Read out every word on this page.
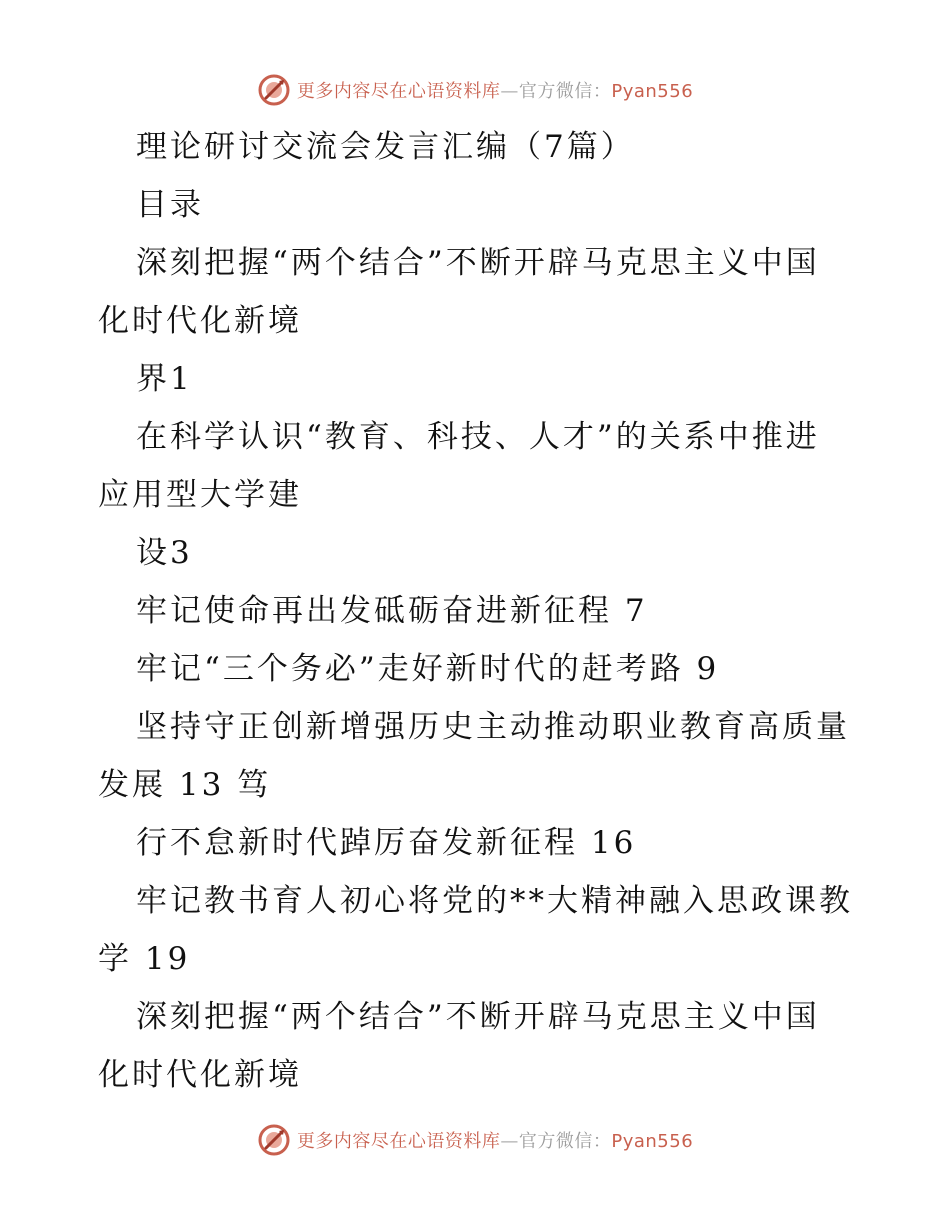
更多内容尽在心语资料库—官方微信：Pyan556
理论研讨交流会发言汇编（7篇）
目录
深刻把握“两个结合”不断开辟马克思主义中国
化时代化新境
界1
在科学认识“教育、科技、人才”的关系中推进
应用型大学建
设3
牢记使命再出发砥砺奋进新征程 7
牢记“三个务必”走好新时代的赶考路 9
坚持守正创新增强历史主动推动职业教育高质量
发展 13 笃
行不怠新时代踔厉奋发新征程 16
牢记教书育人初心将党的**大精神融入思政课教
学 19
深刻把握“两个结合”不断开辟马克思主义中国
化时代化新境
更多内容尽在心语资料库—官方微信：Pyan556
